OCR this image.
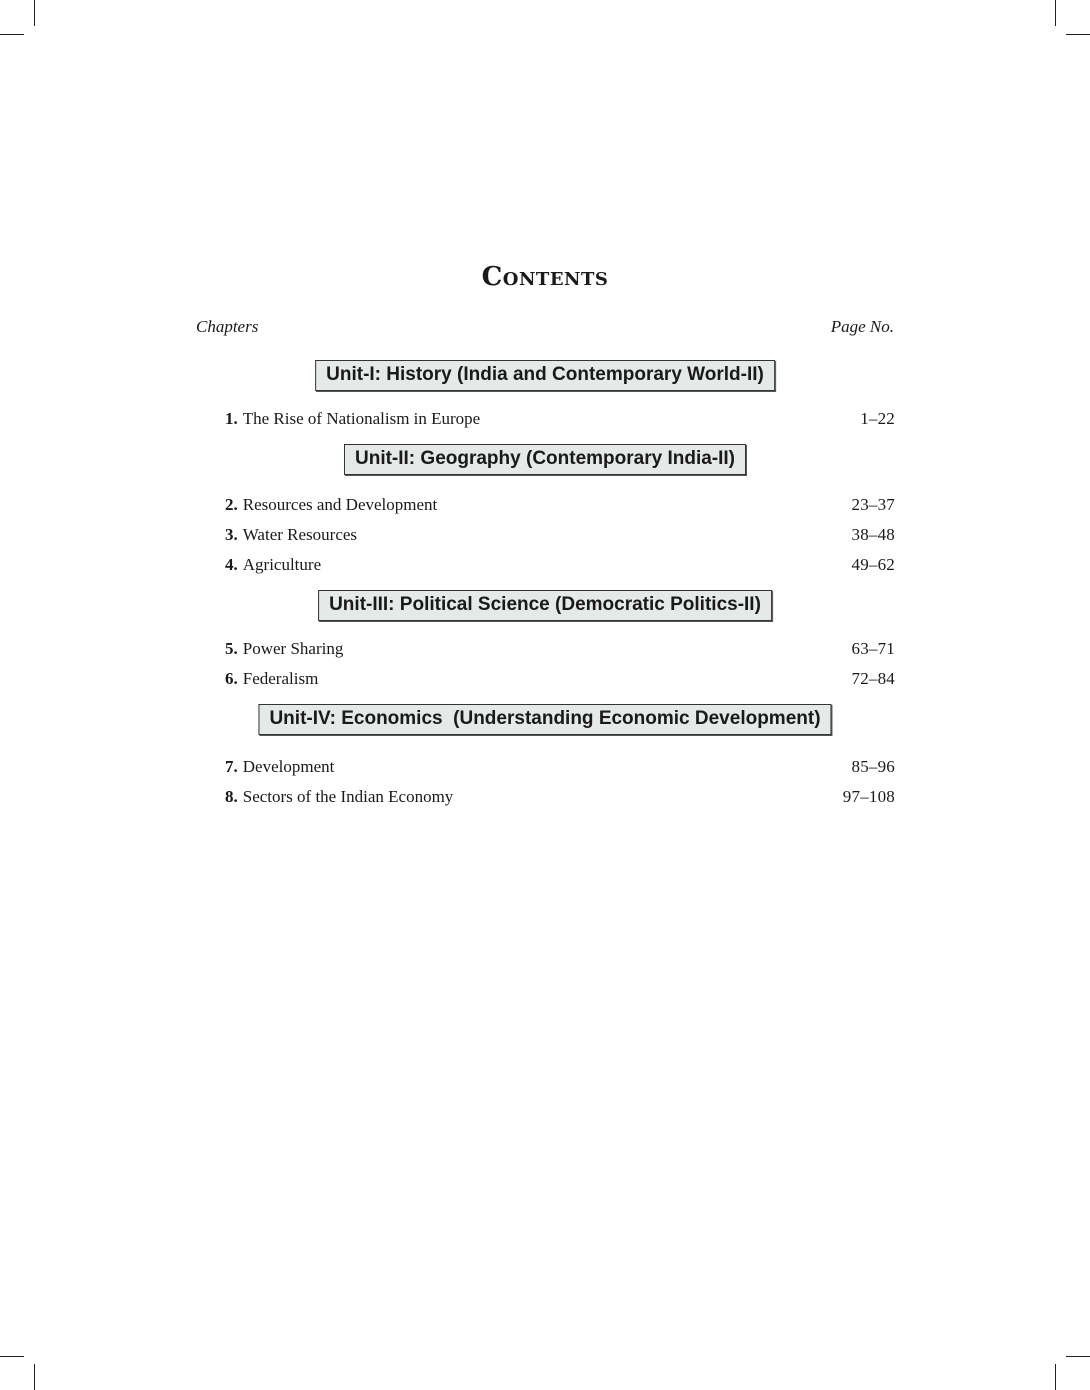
Contents
Chapters	Page No.
Unit-I: History (India and Contemporary World-II)
1. The Rise of Nationalism in Europe	1–22
Unit-II: Geography (Contemporary India-II)
2. Resources and Development	23–37
3. Water Resources	38–48
4. Agriculture	49–62
Unit-III: Political Science (Democratic Politics-II)
5. Power Sharing	63–71
6. Federalism	72–84
Unit-IV: Economics  (Understanding Economic Development)
7. Development	85–96
8. Sectors of the Indian Economy	97–108
